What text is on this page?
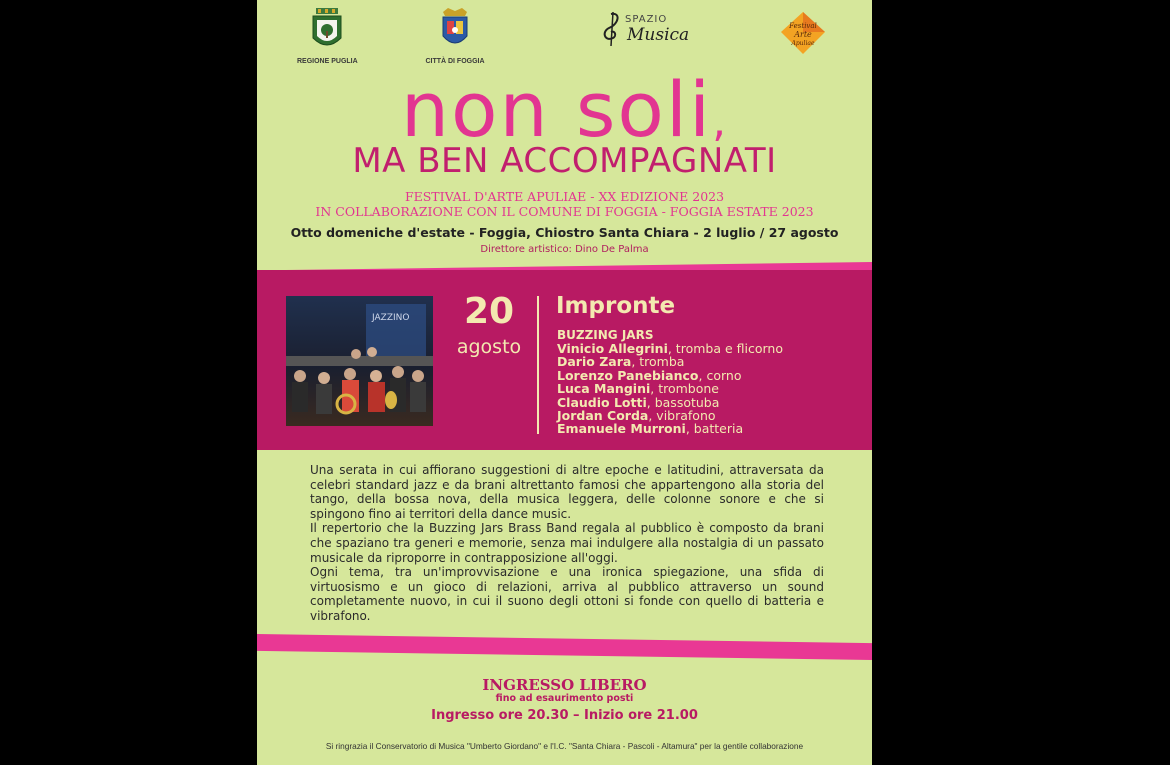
REGIONE PUGLIA	CITTÀ DI FOGGIA
SPAZIO
Musica	Festival
Arte
Apuliae
non soli,
MA BEN ACCOMPAGNATI
FESTIVAL D'ARTE APULIAE - XX EDIZIONE 2023
IN COLLABORAZIONE CON IL COMUNE DI FOGGIA - FOGGIA ESTATE 2023
Otto domeniche d'estate - Foggia, Chiostro Santa Chiara - 2 luglio / 27 agosto
Direttore artistico: Dino De Palma
JAZZINO	20
agosto
Impronte
BUZZING JARS
Vinicio Allegrini, tromba e flicorno
Dario Zara, tromba
Lorenzo Panebianco, corno
Luca Mangini, trombone
Claudio Lotti, bassotuba
Jordan Corda, vibrafono
Emanuele Murroni, batteria

Una serata in cui affiorano suggestioni di altre epoche e latitudini, attraversata da celebri standard jazz e da brani altrettanto famosi che appartengono alla storia del tango, della bossa nova, della musica leggera, delle colonne sonore e che si spingono fino ai territori della dance music.

Il repertorio che la Buzzing Jars Brass Band regala al pubblico è composto da brani che spaziano tra generi e memorie, senza mai indulgere alla nostalgia di un passato musicale da riproporre in contrapposizione all'oggi.

Ogni tema, tra un'improvvisazione e una ironica spiegazione, una sfida di virtuosismo e un gioco di relazioni, arriva al pubblico attraverso un sound completamente nuovo, in cui il suono degli ottoni si fonde con quello di batteria e vibrafono.

INGRESSO LIBERO
fino ad esaurimento posti
Ingresso ore 20.30 – Inizio ore 21.00
Si ringrazia il Conservatorio di Musica "Umberto Giordano" e l'I.C. "Santa Chiara - Pascoli - Altamura" per la gentile collaborazione
